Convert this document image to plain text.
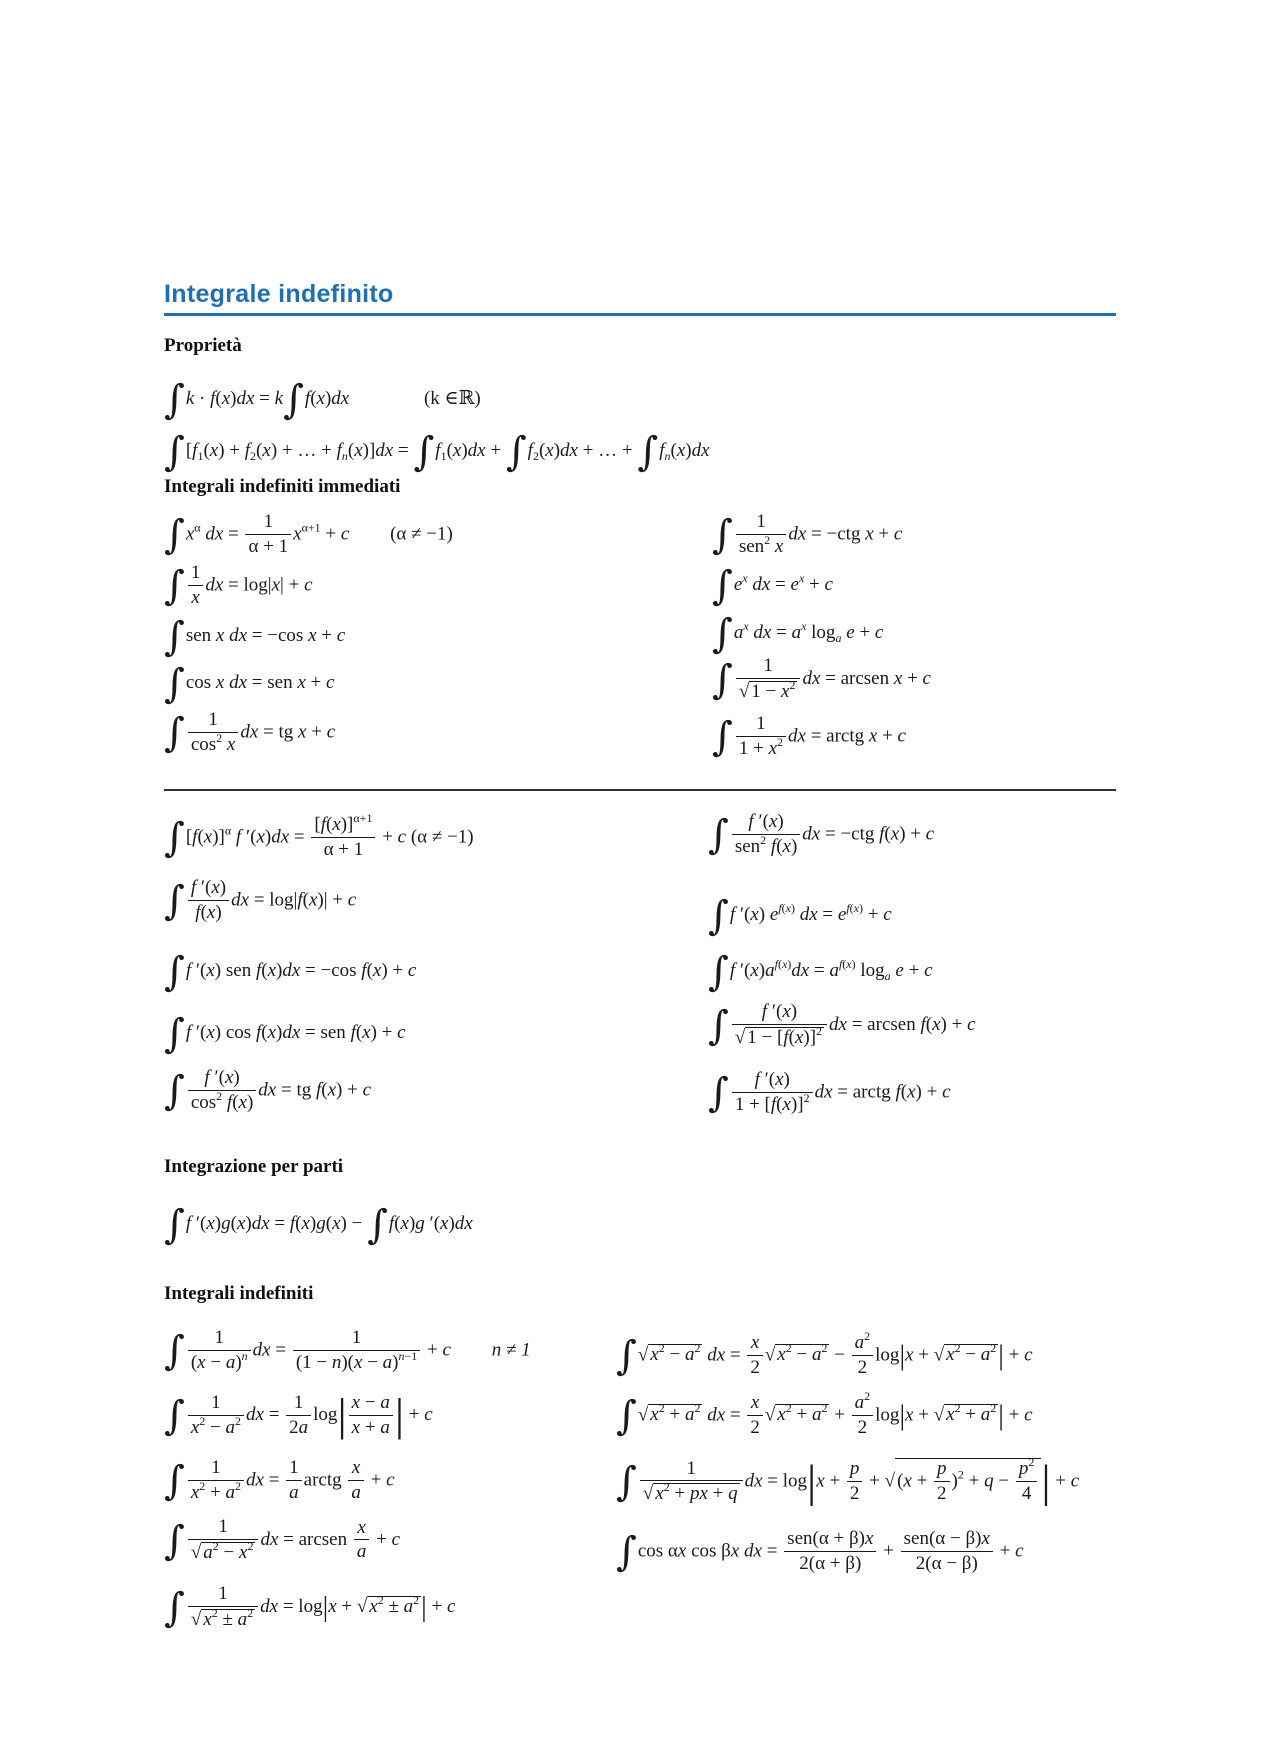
Integrale indefinito
Proprietà
∫k · f(x)dx = k∫f(x)dx	(k ∈ℝ)
$\int[f_1(x) + f_2(x)$ + … + $f_n(x)]dx = \int f_1(x)dx + \int f_2(x)dx$ + … + $\int f_n(x)dx$
Integrali indefiniti immediati
$\int x^\alpha$ dx = $\frac{1}{\alpha + 1} x^{\alpha+1} + c$ (α ≠ −1)
∫ $\frac{1}{x}$ dx = log|x| + c
∫sen x dx = −cos x + c
∫cos x dx = sen x + c
∫ $\frac{1}{\cos^2 x}$ dx = tg x + c
∫ $\frac{1}{sen^2 x}$ dx = −ctg x + c
$\int e^x$ dx = $e^x + c$
$\int a^x$ dx = $a^x$ $\log_a e + c$
∫ $\frac{1}{√ 1 - x^2}$ dx = arcsen x + c
∫ $\frac{1}{1 + x^2}$ dx = arctg x + c
$\int[f(x)]^\alpha$ f $'(x)dx = \frac{[f(x)]^{\alpha+1}}{\alpha + 1} + c$ (α ≠ −1)
∫ $\frac{f '(x)}{f(x)}$ dx = log|f(x)| + c
∫f ′(x) sen f(x)dx = −cos f(x) + c
∫f ′(x) cos f(x)dx = sen f(x) + c
∫ $\frac{f '(x)}{\cos^2 f(x)}$ dx = tg f(x) + c
∫ $\frac{f '(x)}{sen^2 f(x)}$ dx = −ctg f(x) + c
∫f ′(x) $e^{f(x)}$ dx = $e^{f(x)} + c$
∫f $'(x)a^{f(x)}dx = a^{f(x)}$ $\log_a e + c$
∫ $\frac{f '(x)}{√ 1 - [f(x)]^2}$ dx = arcsen f(x) + c
∫ $\frac{f '(x)}{1 + [f(x)]^2}$ dx = arctg f(x) + c
Integrazione per parti
∫f ′(x)g(x)dx = f(x)g(x) − ∫f(x)g ′(x)dx
Integrali indefiniti
∫ $\frac{1}{(x - a)^n}$ dx = $\frac{1}{(1 - n)(x - a)^{n-1}} + c$ n ≠ 1
∫ $\frac{1}{x^2 - a^2}$ dx = $\frac{1}{2a} \log| \frac{x - a}{x + a}$ | + c
∫ $\frac{1}{x^2 + a^2}$ dx = $\frac{1}{a}$ arctg $\frac{x}{a} + c$
∫ $\frac{1}{√ a^2 - x^2}$ dx = arcsen $\frac{x}{a} + c$
∫ $\frac{1}{√ x^2 \pm a^2}$ dx = log|x + √ $x^2 \pm a^2| + c$
∫√ $x^2 - a^2$ dx = $\frac{x}{2}$ √ $x^2 - a^2 - \frac{a^2}{2} \log|x$ + √ $x^2 - a^2| + c$
∫√ $x^2 + a^2$ dx = $\frac{x}{2}$ √ $x^2 + a^2 + \frac{a^2}{2} \log|x$ + √ $x^2 + a^2| + c$
∫ $\frac{1}{√ x^2 + px + q}$ dx = $\log|x + \frac{p}{2}$ + √ $(x + \frac{p}{2} )^2 + q - \frac{p^2}{4}$ | + c
∫cos αx cos βx dx = $\frac{\text{sen(α + β)x}}{2(\alpha + \beta)} + \frac{\text{sen(α − β)x}}{2(\alpha - \beta)} + c$
